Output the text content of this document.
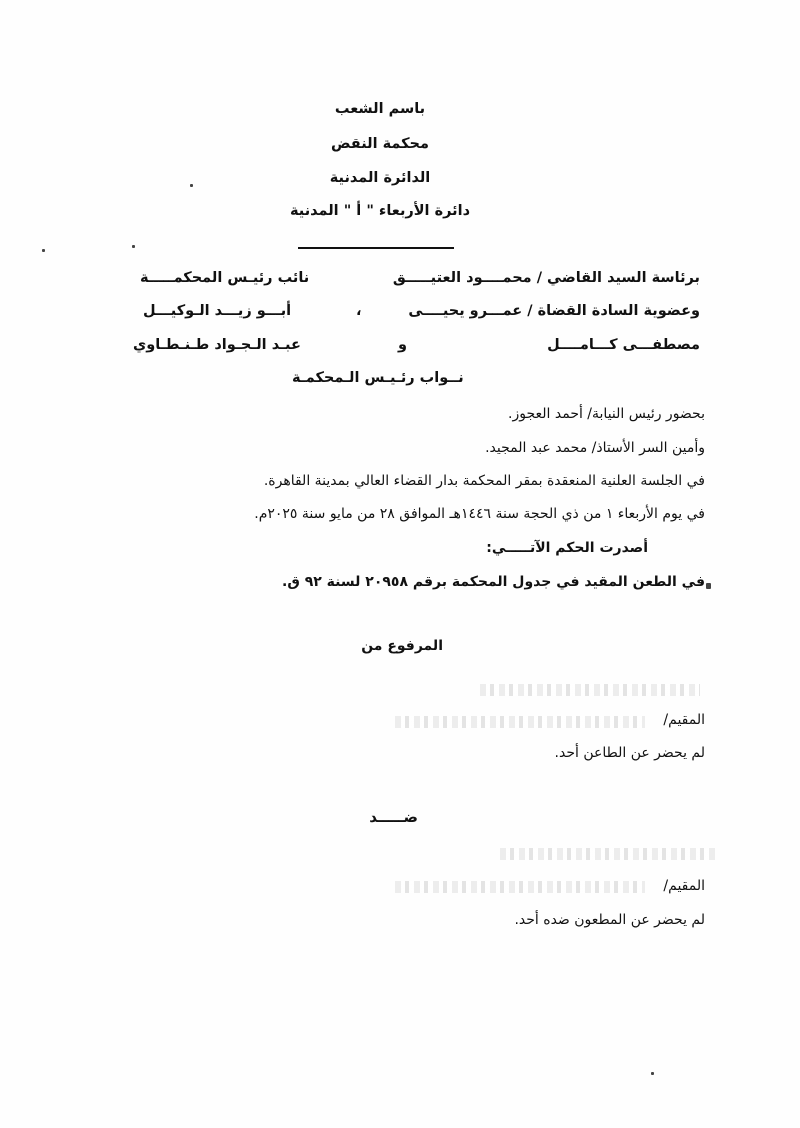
باسم الشعب
محكمة النقض
الدائرة المدنية
دائرة الأربعاء " أ " المدنية
برئاسة السيد القاضي / محمــــود العتيـــــق
نائب رئيـس المحكمـــــة
وعضوية السادة القضاة / عمـــرو يحيــــى
،
أبـــو زيـــد الـوكيـــل
مصطفـــى كـــامــــل
و
عبـد الـجـواد طـنـطـاوي
نــواب رئـيـس الـمحكمـة
بحضور رئيس النيابة/ أحمد العجوز.
وأمين السر الأستاذ/ محمد عبد المجيد.
في الجلسة العلنية المنعقدة بمقر المحكمة بدار القضاء العالي بمدينة القاهرة.
في يوم الأربعاء ١ من ذي الحجة سنة ١٤٤٦هـ الموافق ٢٨ من مايو سنة ٢٠٢٥م.
أصدرت الحكم الآتـــــي:
في الطعن المقيد في جدول المحكمة برقم ٢٠٩٥٨ لسنة ٩٢ ق.
المرفوع من
المقيم/
لم يحضر عن الطاعن أحد.
ضـــــد
المقيم/
لم يحضر عن المطعون ضده أحد.
